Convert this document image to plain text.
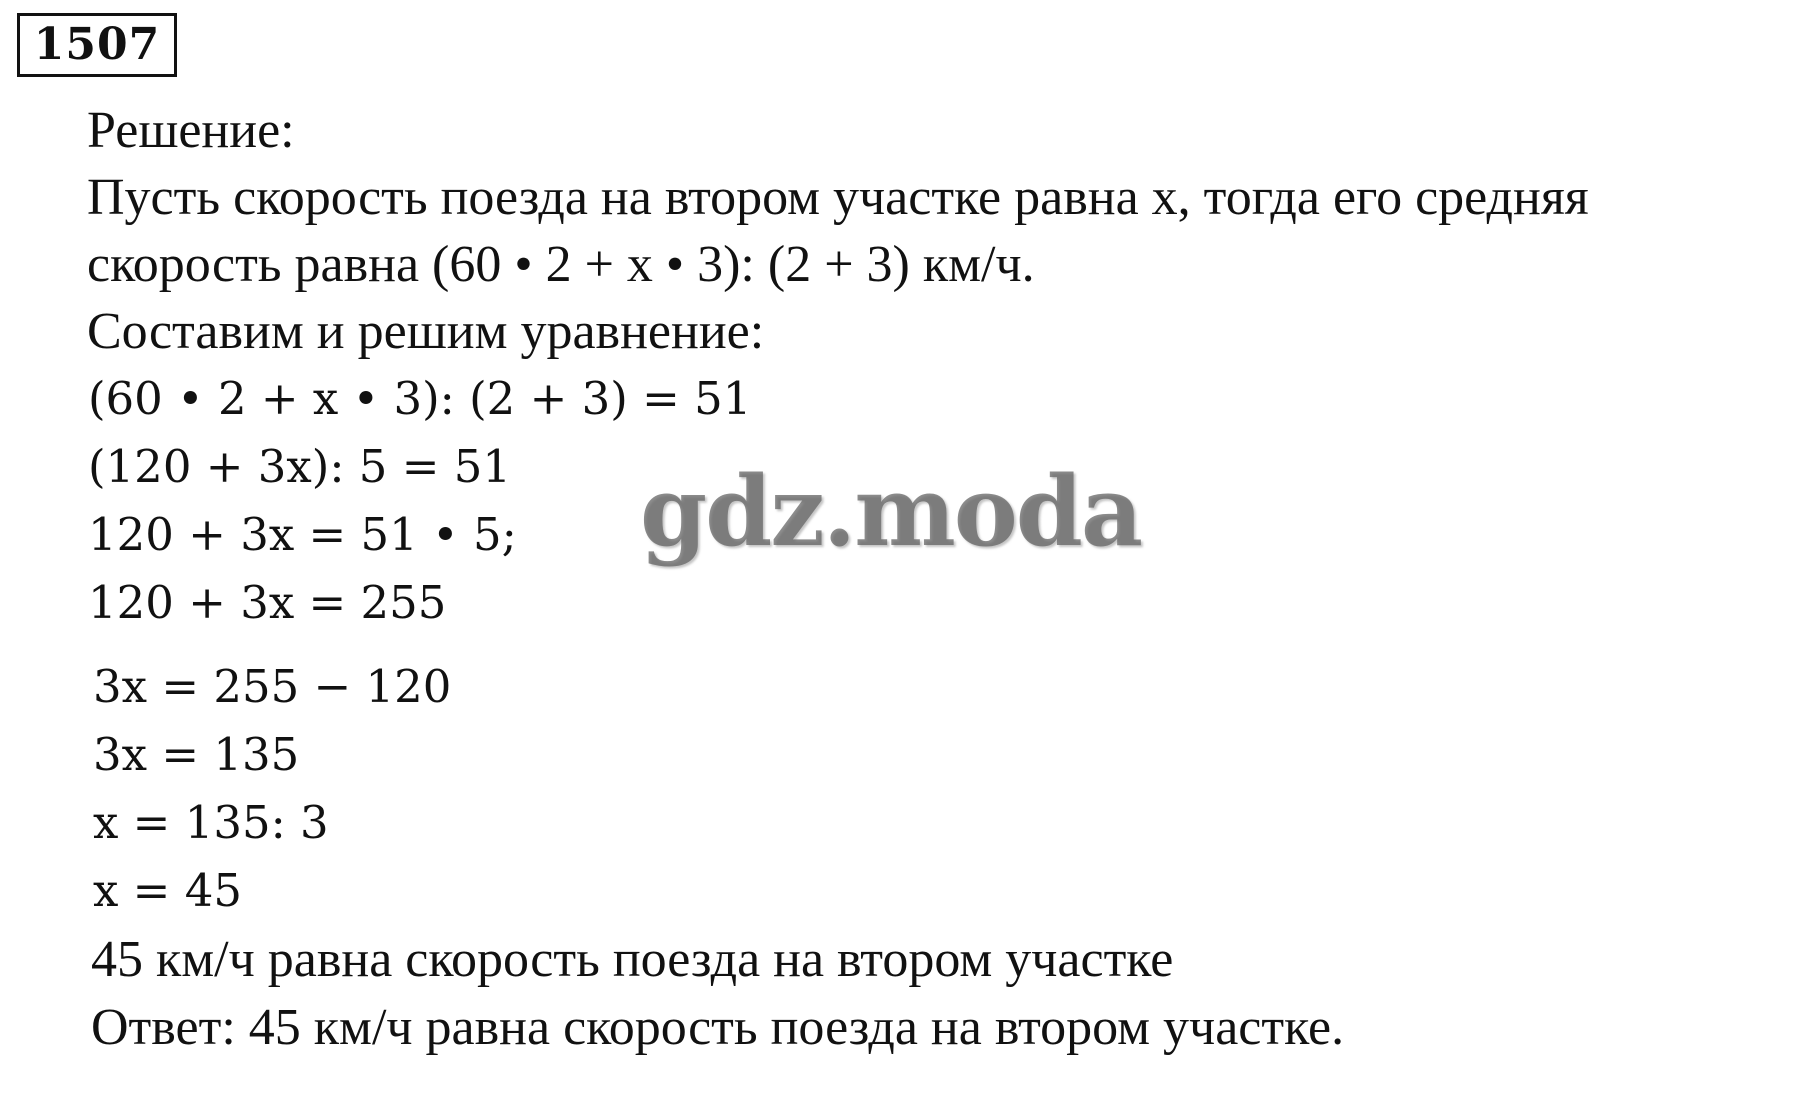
1507
Решение:
Пусть скорость поезда на втором участке равна x, тогда его средняя
скорость равна (60 • 2 + x • 3): (2 + 3) км/ч.
Составим и решим уравнение:
(60 • 2 + x • 3): (2 + 3) = 51
(120 + 3x): 5 = 51
120 + 3x = 51 • 5;
120 + 3x = 255
3x = 255 − 120
3x = 135
x = 135: 3
x = 45
45 км/ч равна скорость поезда на втором участке
Ответ: 45 км/ч равна скорость поезда на втором участке.
gdz.moda
